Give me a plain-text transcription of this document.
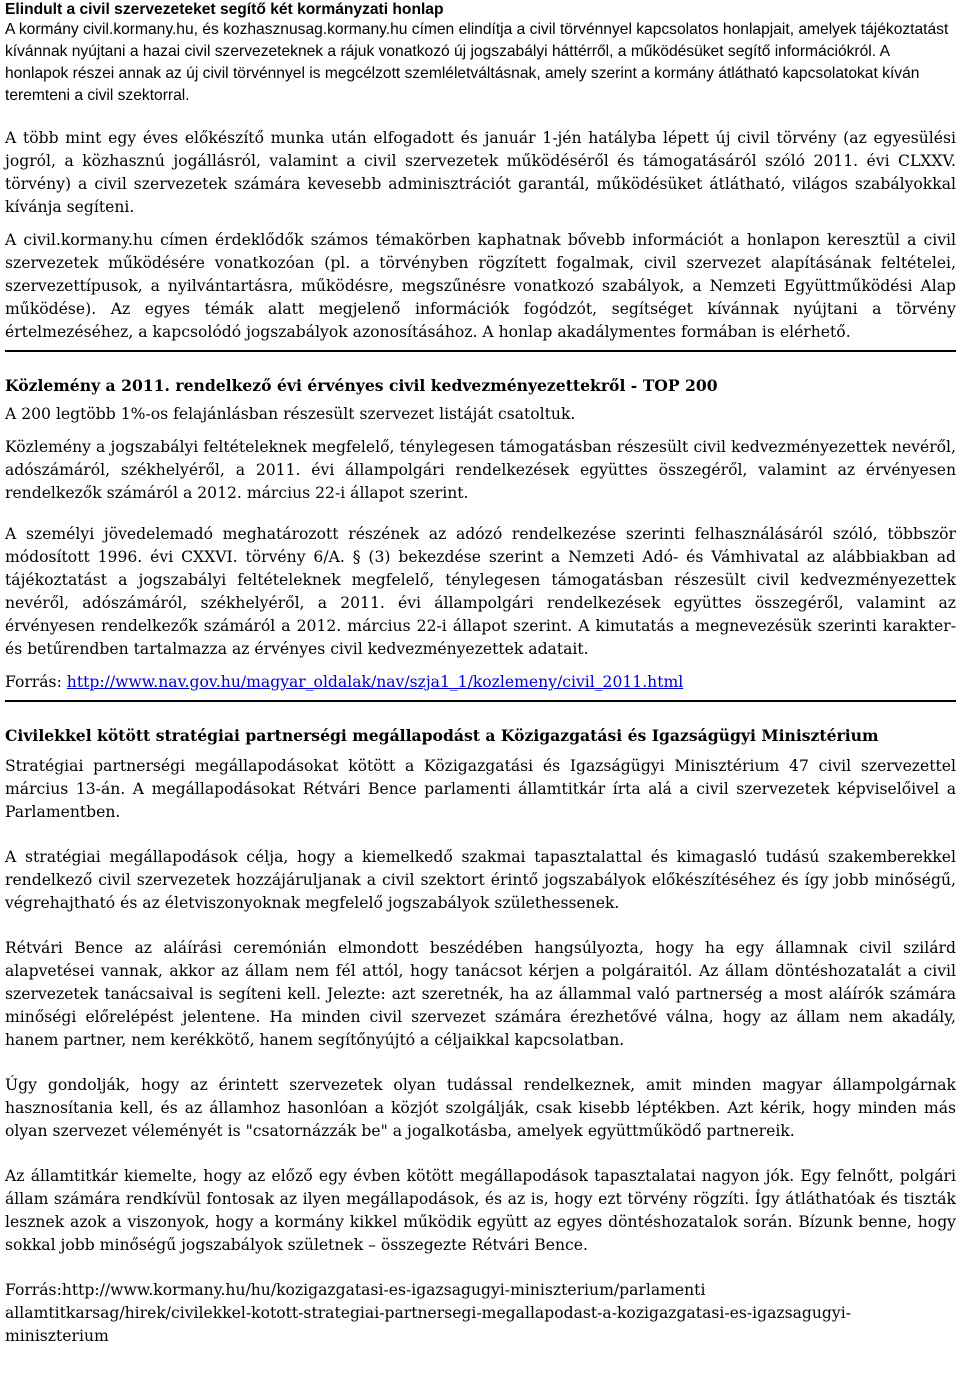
Elindult a civil szervezeteket segítő két kormányzati honlap
A kormány civil.kormany.hu, és kozhasznusag.kormany.hu címen elindítja a civil törvénnyel kapcsolatos honlapjait, amelyek tájékoztatást kívánnak nyújtani a hazai civil szervezeteknek a rájuk vonatkozó új jogszabályi háttérről, a működésüket segítő információkról. A honlapok részei annak az új civil törvénnyel is megcélzott szemléletváltásnak, amely szerint a kormány átlátható kapcsolatokat kíván teremteni a civil szektorral.
A több mint egy éves előkészítő munka után elfogadott és január 1-jén hatályba lépett új civil törvény (az egyesülési jogról, a közhasznú jogállásról, valamint a civil szervezetek működéséről és támogatásáról szóló 2011. évi CLXXV. törvény) a civil szervezetek számára kevesebb adminisztrációt garantál, működésüket átlátható, világos szabályokkal kívánja segíteni.
A civil.kormany.hu címen érdeklődők számos témakörben kaphatnak bővebb információt a honlapon keresztül a civil szervezetek működésére vonatkozóan (pl. a törvényben rögzített fogalmak, civil szervezet alapításának feltételei, szervezettípusok, a nyilvántartásra, működésre, megszűnésre vonatkozó szabályok, a Nemzeti Együttműködési Alap működése). Az egyes témák alatt megjelenő információk fogódzót, segítséget kívánnak nyújtani a törvény értelmezéséhez, a kapcsolódó jogszabályok azonosításához. A honlap akadálymentes formában is elérhető.
Közlemény a 2011. rendelkező évi érvényes civil kedvezményezettekről - TOP 200
A 200 legtöbb 1%-os felajánlásban részesült szervezet listáját csatoltuk.
Közlemény a jogszabályi feltételeknek megfelelő, ténylegesen támogatásban részesült civil kedvezményezettek nevéről, adószámáról, székhelyéről, a 2011. évi állampolgári rendelkezések együttes összegéről, valamint az érvényesen rendelkezők számáról a 2012. március 22-i állapot szerint.
A személyi jövedelemadó meghatározott részének az adózó rendelkezése szerinti felhasználásáról szóló, többször módosított 1996. évi CXXVI. törvény 6/A. § (3) bekezdése szerint a Nemzeti Adó- és Vámhivatal az alábbiakban ad tájékoztatást a jogszabályi feltételeknek megfelelő, ténylegesen támogatásban részesült civil kedvezményezettek nevéről, adószámáról, székhelyéről, a 2011. évi állampolgári rendelkezések együttes összegéről, valamint az érvényesen rendelkezők számáról a 2012. március 22-i állapot szerint. A kimutatás a megnevezésük szerinti karakter- és betűrendben tartalmazza az érvényes civil kedvezményezettek adatait.
Forrás: http://www.nav.gov.hu/magyar_oldalak/nav/szja1_1/kozlemeny/civil_2011.html
Civilekkel kötött stratégiai partnerségi megállapodást a Közigazgatási és Igazságügyi Minisztérium
Stratégiai partnerségi megállapodásokat kötött a Közigazgatási és Igazságügyi Minisztérium 47 civil szervezettel március 13-án. A megállapodásokat Rétvári Bence parlamenti államtitkár írta alá a civil szervezetek képviselőivel a Parlamentben.
A stratégiai megállapodások célja, hogy a kiemelkedő szakmai tapasztalattal és kimagasló tudású szakemberekkel rendelkező civil szervezetek hozzájáruljanak a civil szektort érintő jogszabályok előkészítéséhez és így jobb minőségű, végrehajtható és az életviszonyoknak megfelelő jogszabályok születhessenek.
Rétvári Bence az aláírási ceremónián elmondott beszédében hangsúlyozta, hogy ha egy államnak civil szilárd alapvetései vannak, akkor az állam nem fél attól, hogy tanácsot kérjen a polgáraitól. Az állam döntéshozatalát a civil szervezetek tanácsaival is segíteni kell. Jelezte: azt szeretnék, ha az állammal való partnerség a most aláírók számára minőségi előrelépést jelentene. Ha minden civil szervezet számára érezhetővé válna, hogy az állam nem akadály, hanem partner, nem kerékkötő, hanem segítőnyújtó a céljaikkal kapcsolatban.
Úgy gondolják, hogy az érintett szervezetek olyan tudással rendelkeznek, amit minden magyar állampolgárnak hasznosítania kell, és az államhoz hasonlóan a közjót szolgálják, csak kisebb léptékben. Azt kérik, hogy minden más olyan szervezet véleményét is "csatornázzák be" a jogalkotásba, amelyek együttműködő partnereik.
Az államtitkár kiemelte, hogy az előző egy évben kötött megállapodások tapasztalatai nagyon jók. Egy felnőtt, polgári állam számára rendkívül fontosak az ilyen megállapodások, és az is, hogy ezt törvény rögzíti. Így átláthatóak és tiszták lesznek azok a viszonyok, hogy a kormány kikkel működik együtt az egyes döntéshozatalok során. Bízunk benne, hogy sokkal jobb minőségű jogszabályok születnek – összegezte Rétvári Bence.
Forrás:http://www.kormany.hu/hu/kozigazgatasi-es-igazsagugyi-miniszterium/parlamenti
allamtitkarsag/hirek/civilekkel-kotott-strategiai-partnersegi-megallapodast-a-kozigazgatasi-es-igazsagugyi-
miniszterium
